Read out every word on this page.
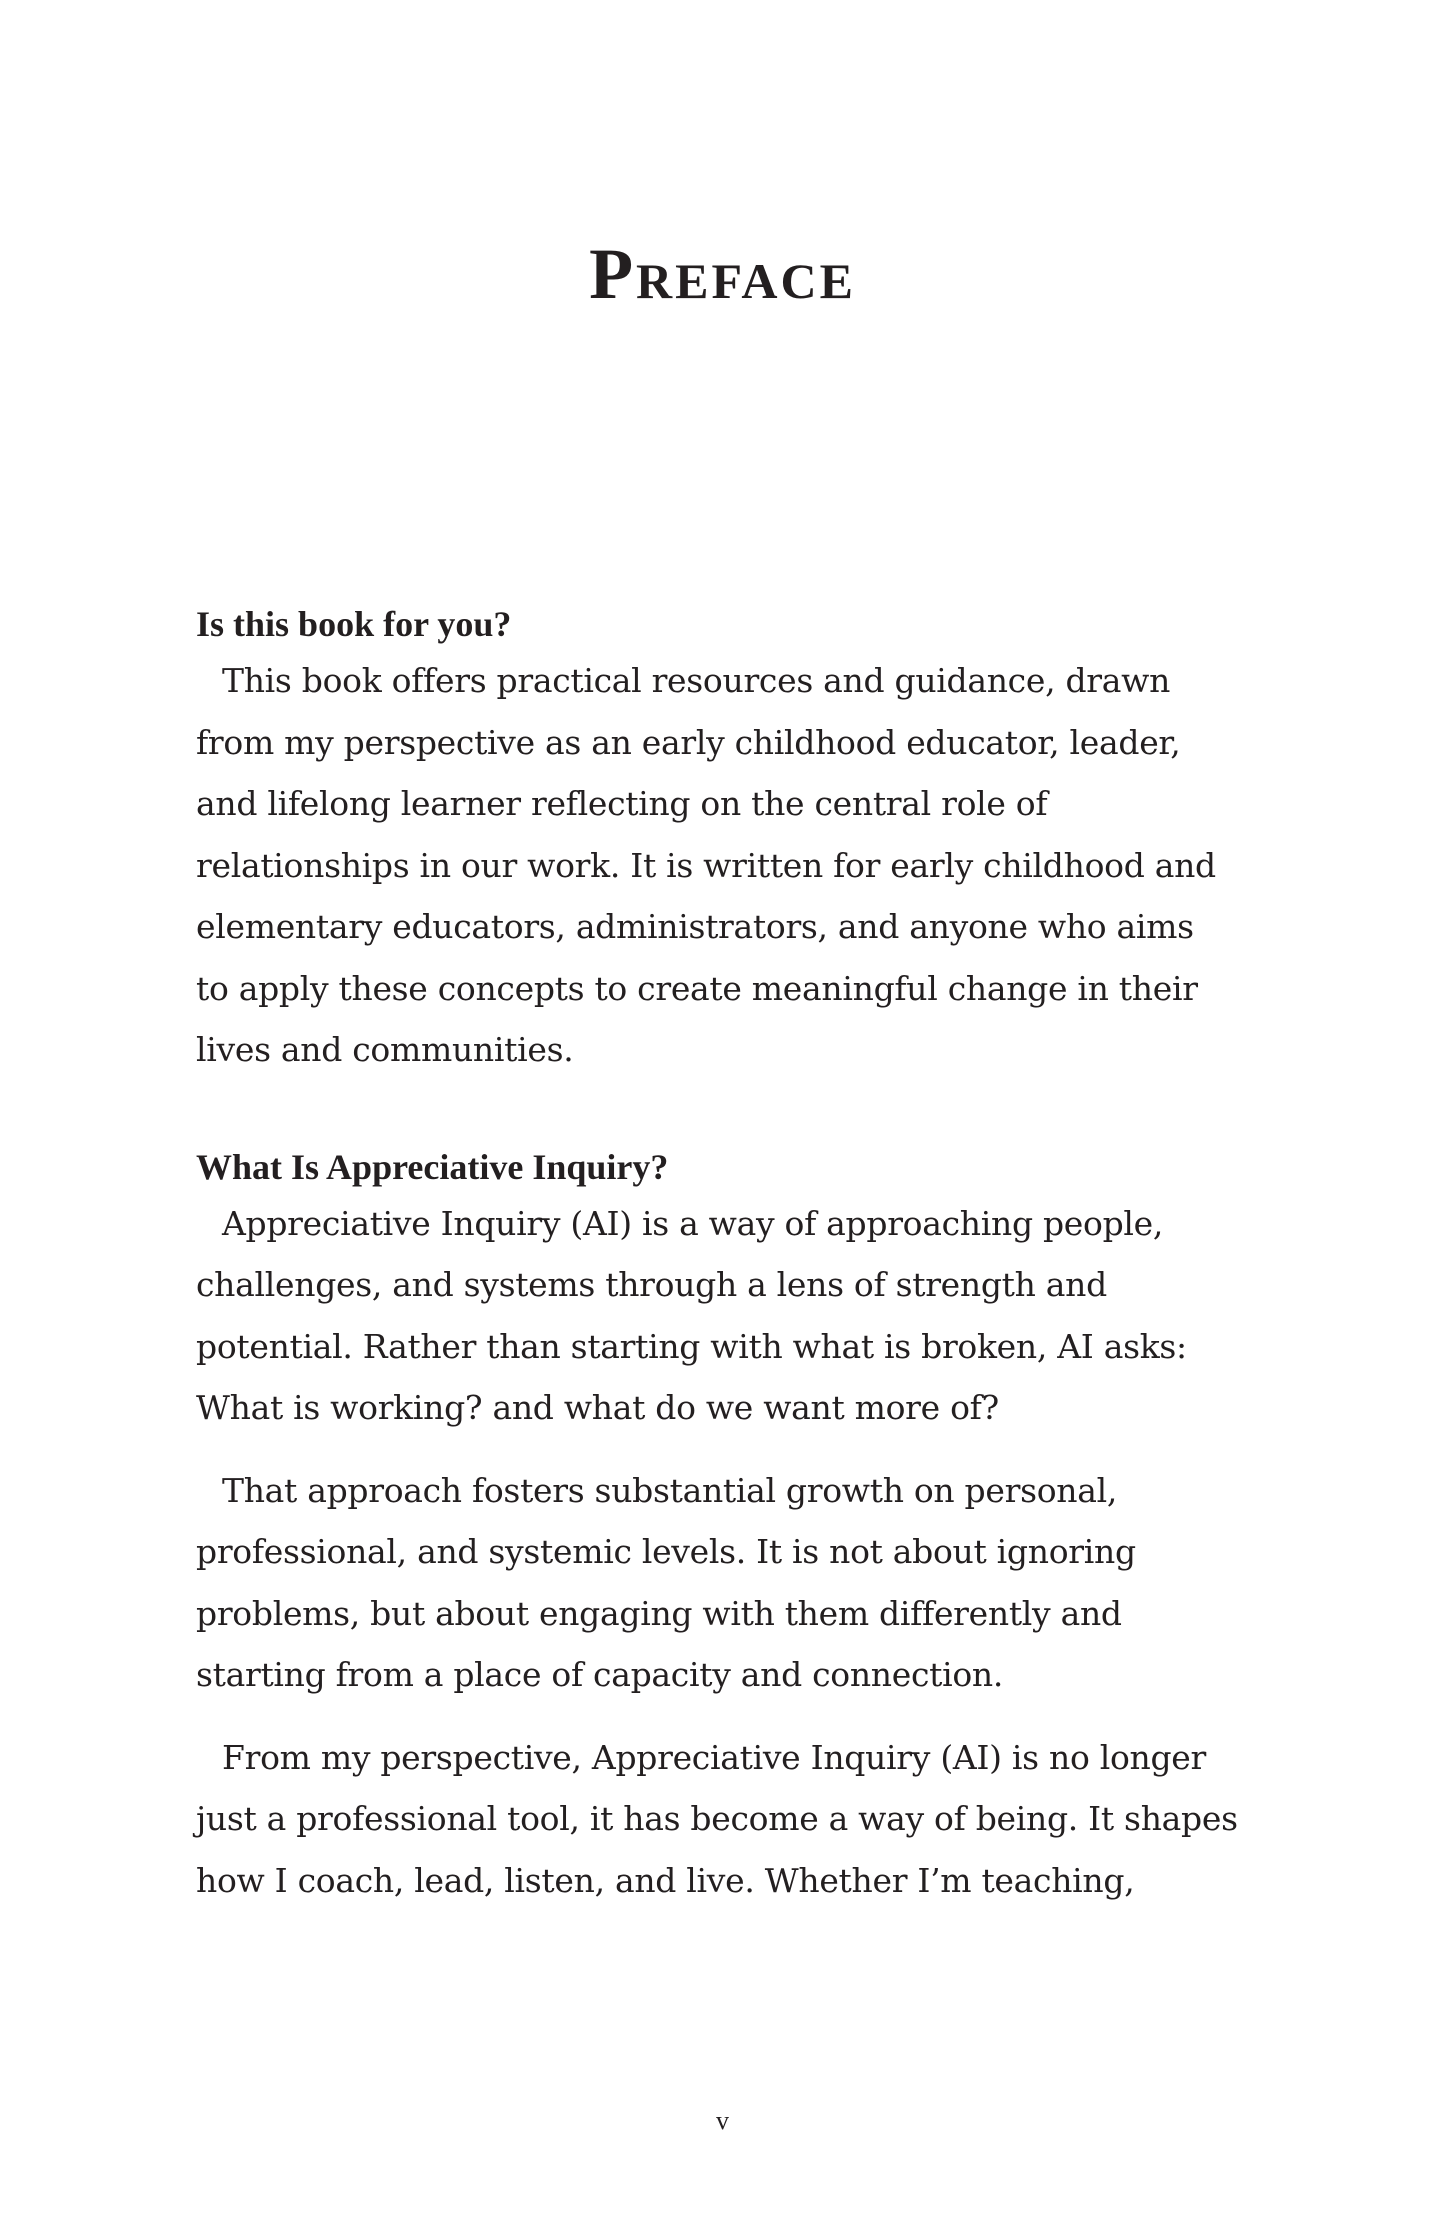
Preface
Is this book for you?

This book offers practical resources and guidance, drawn
from my perspective as an early childhood educator, leader,
and lifelong learner reflecting on the central role of
relationships in our work. It is written for early childhood and
elementary educators, administrators, and anyone who aims
to apply these concepts to create meaningful change in their
lives and communities.

What Is Appreciative Inquiry?

Appreciative Inquiry (AI) is a way of approaching people,
challenges, and systems through a lens of strength and
potential. Rather than starting with what is broken, AI asks:
What is working? and what do we want more of?

That approach fosters substantial growth on personal,
professional, and systemic levels. It is not about ignoring
problems, but about engaging with them differently and
starting from a place of capacity and connection.

From my perspective, Appreciative Inquiry (AI) is no longer
just a professional tool, it has become a way of being. It shapes
how I coach, lead, listen, and live. Whether I’m teaching,

v
